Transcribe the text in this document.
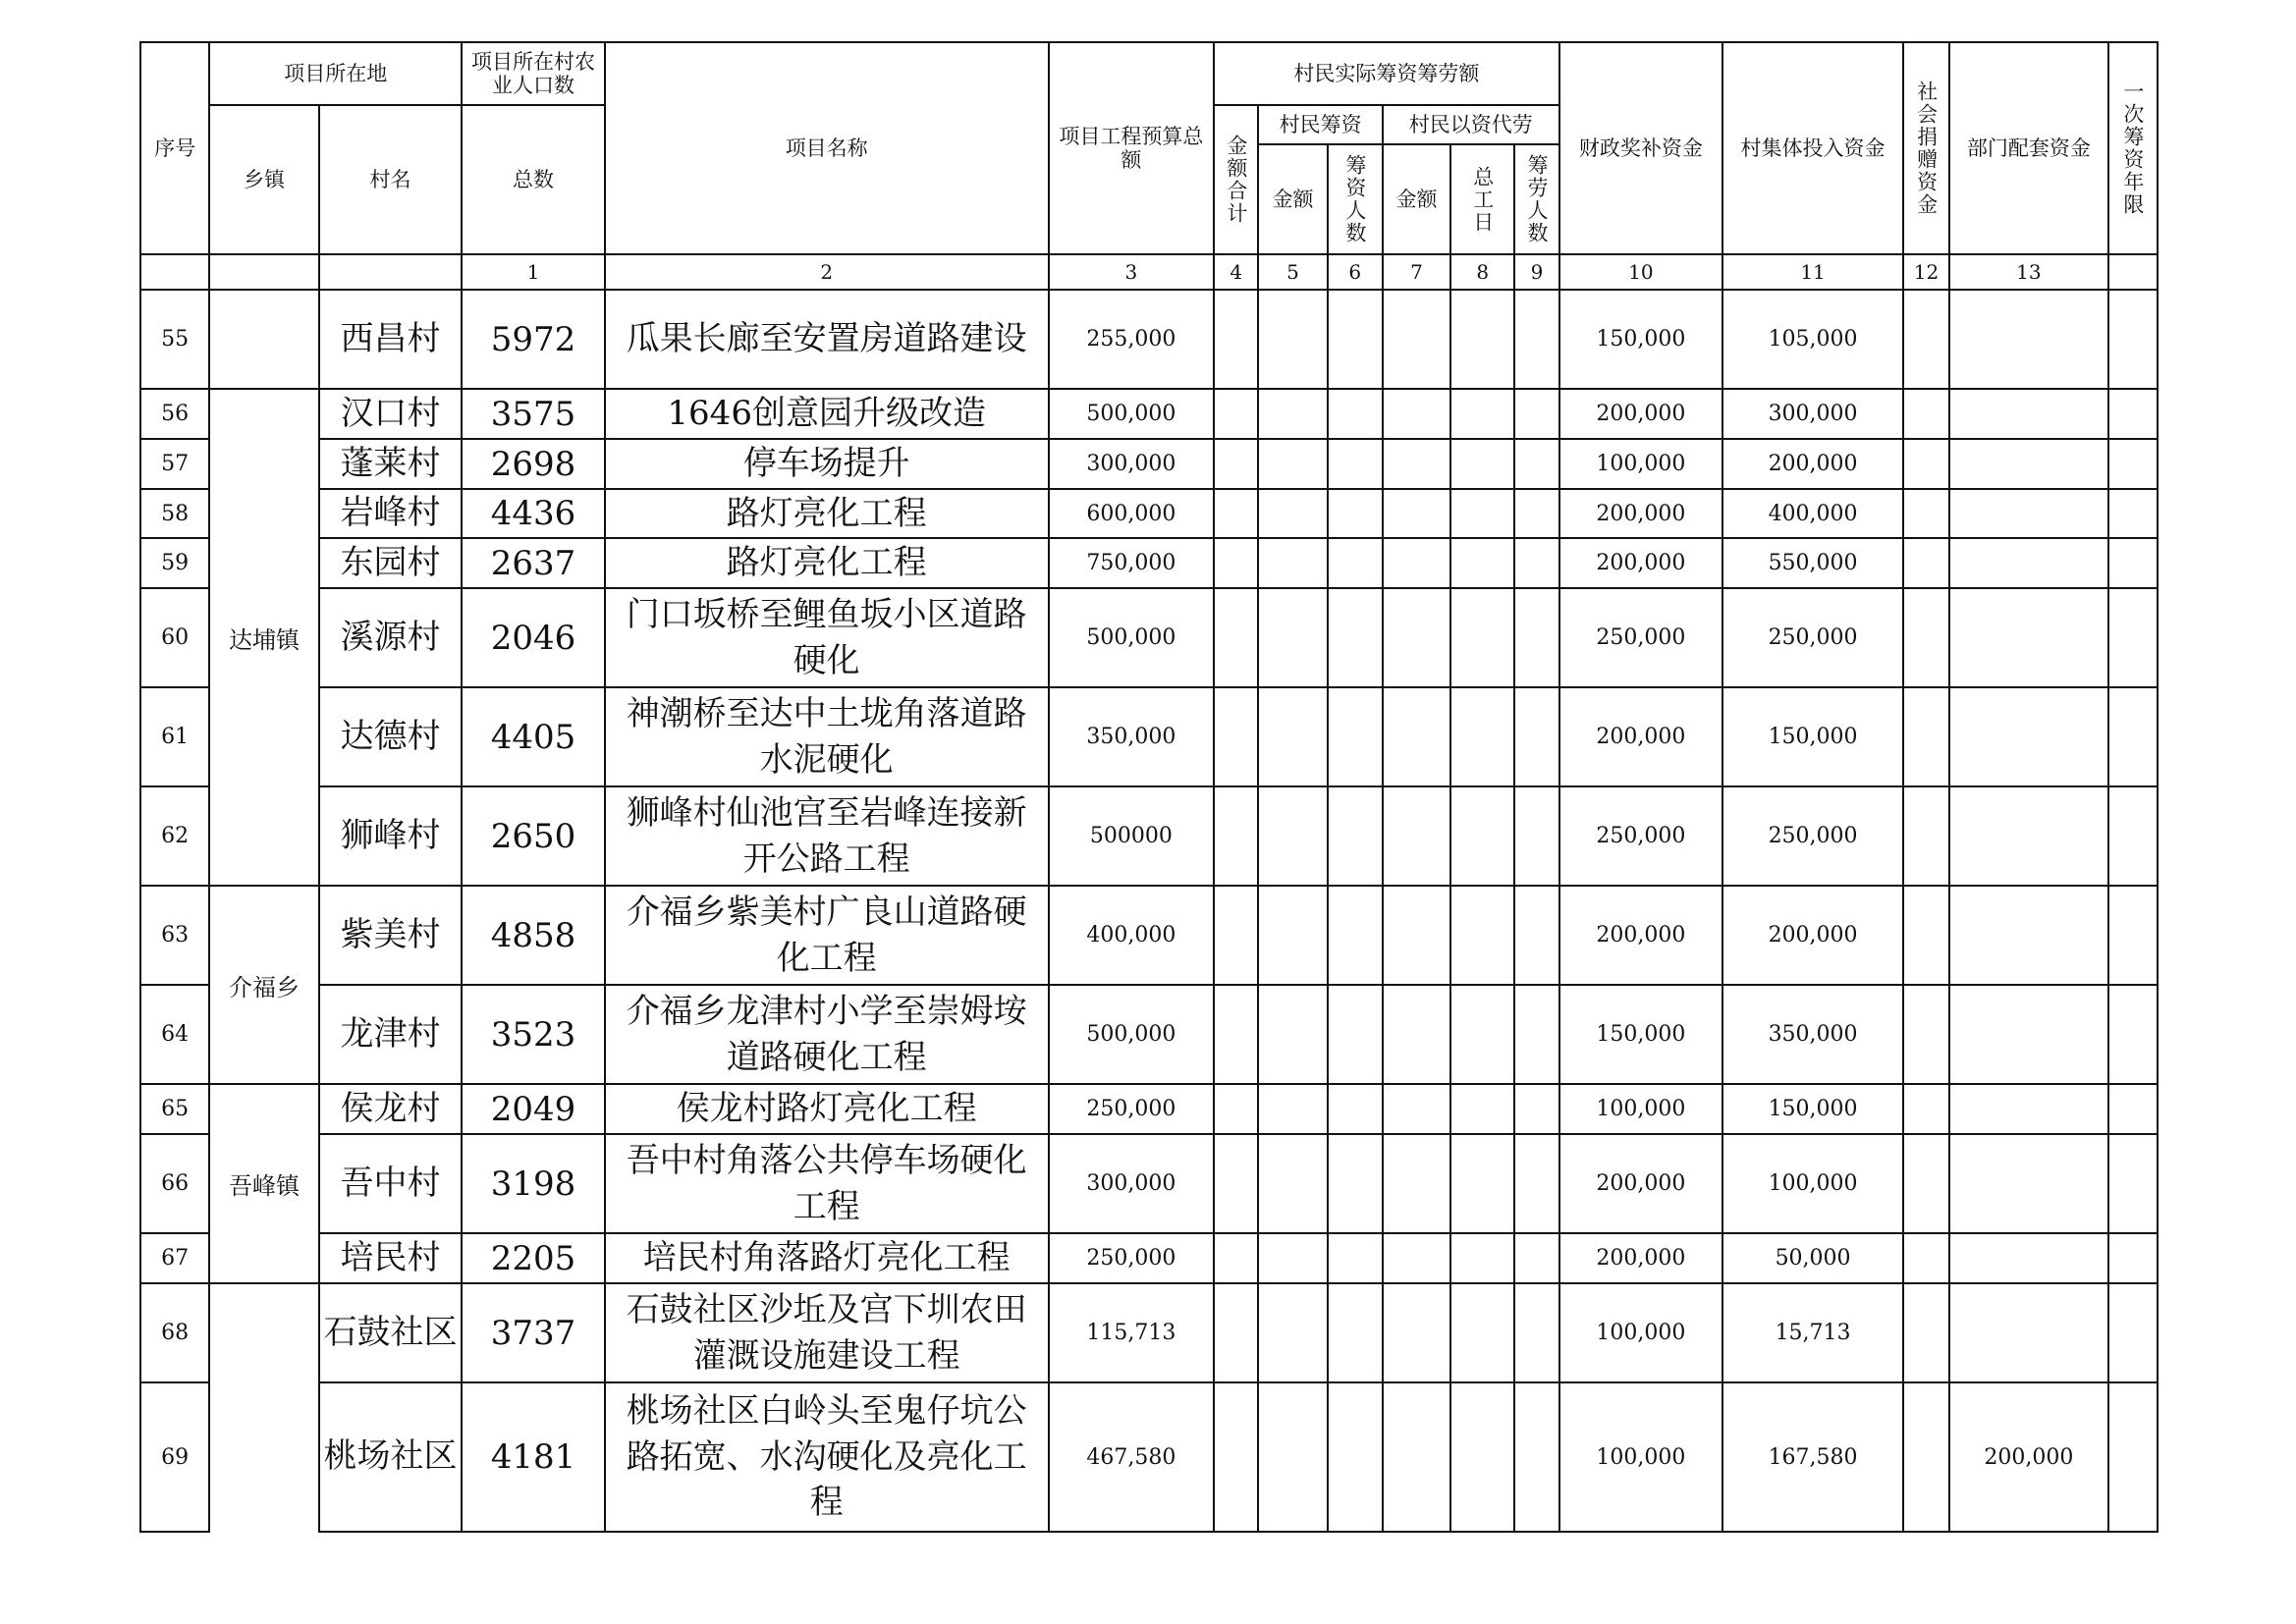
序号	项目所在地		项目所在村农业人口数	项目名称	项目工程预算总额	村民实际筹资筹劳额						财政奖补资金	村集体投入资金	社会捐赠资金	部门配套资金	一次筹资年限

	乡镇	村名	总数			金额合计	村民筹资		村民以资代劳							
							金额	筹资人数	金额	总工日	筹劳人数					

			1	2	3	4	5	6	7	8	9	10	11	12	13	
55		西昌村	5972	瓜果长廊至安置房道路建设	255,000							150,000	105,000			
56	达埔镇	汉口村	3575	1646创意园升级改造	500,000							200,000	300,000			
57		蓬莱村	2698	停车场提升	300,000							100,000	200,000			
58		岩峰村	4436	路灯亮化工程	600,000							200,000	400,000			
59		东园村	2637	路灯亮化工程	750,000							200,000	550,000			
60		溪源村	2046	门口坂桥至鲤鱼坂小区道路硬化	500,000							250,000	250,000			
61		达德村	4405	神潮桥至达中土垅角落道路水泥硬化	350,000							200,000	150,000			
62		狮峰村	2650	狮峰村仙池宫至岩峰连接新开公路工程	500000							250,000	250,000			
63	介福乡	紫美村	4858	介福乡紫美村广良山道路硬化工程	400,000							200,000	200,000			
64		龙津村	3523	介福乡龙津村小学至崇姆垵道路硬化工程	500,000							150,000	350,000			
65	吾峰镇	侯龙村	2049	侯龙村路灯亮化工程	250,000							100,000	150,000			
66		吾中村	3198	吾中村角落公共停车场硬化工程	300,000							200,000	100,000			
67		培民村	2205	培民村角落路灯亮化工程	250,000							200,000	50,000			
68		石鼓社区	3737	石鼓社区沙坵及宫下圳农田灌溉设施建设工程	115,713							100,000	15,713			
69		桃场社区	4181	桃场社区白岭头至鬼仔坑公路拓宽、水沟硬化及亮化工程	467,580							100,000	167,580		200,000	
